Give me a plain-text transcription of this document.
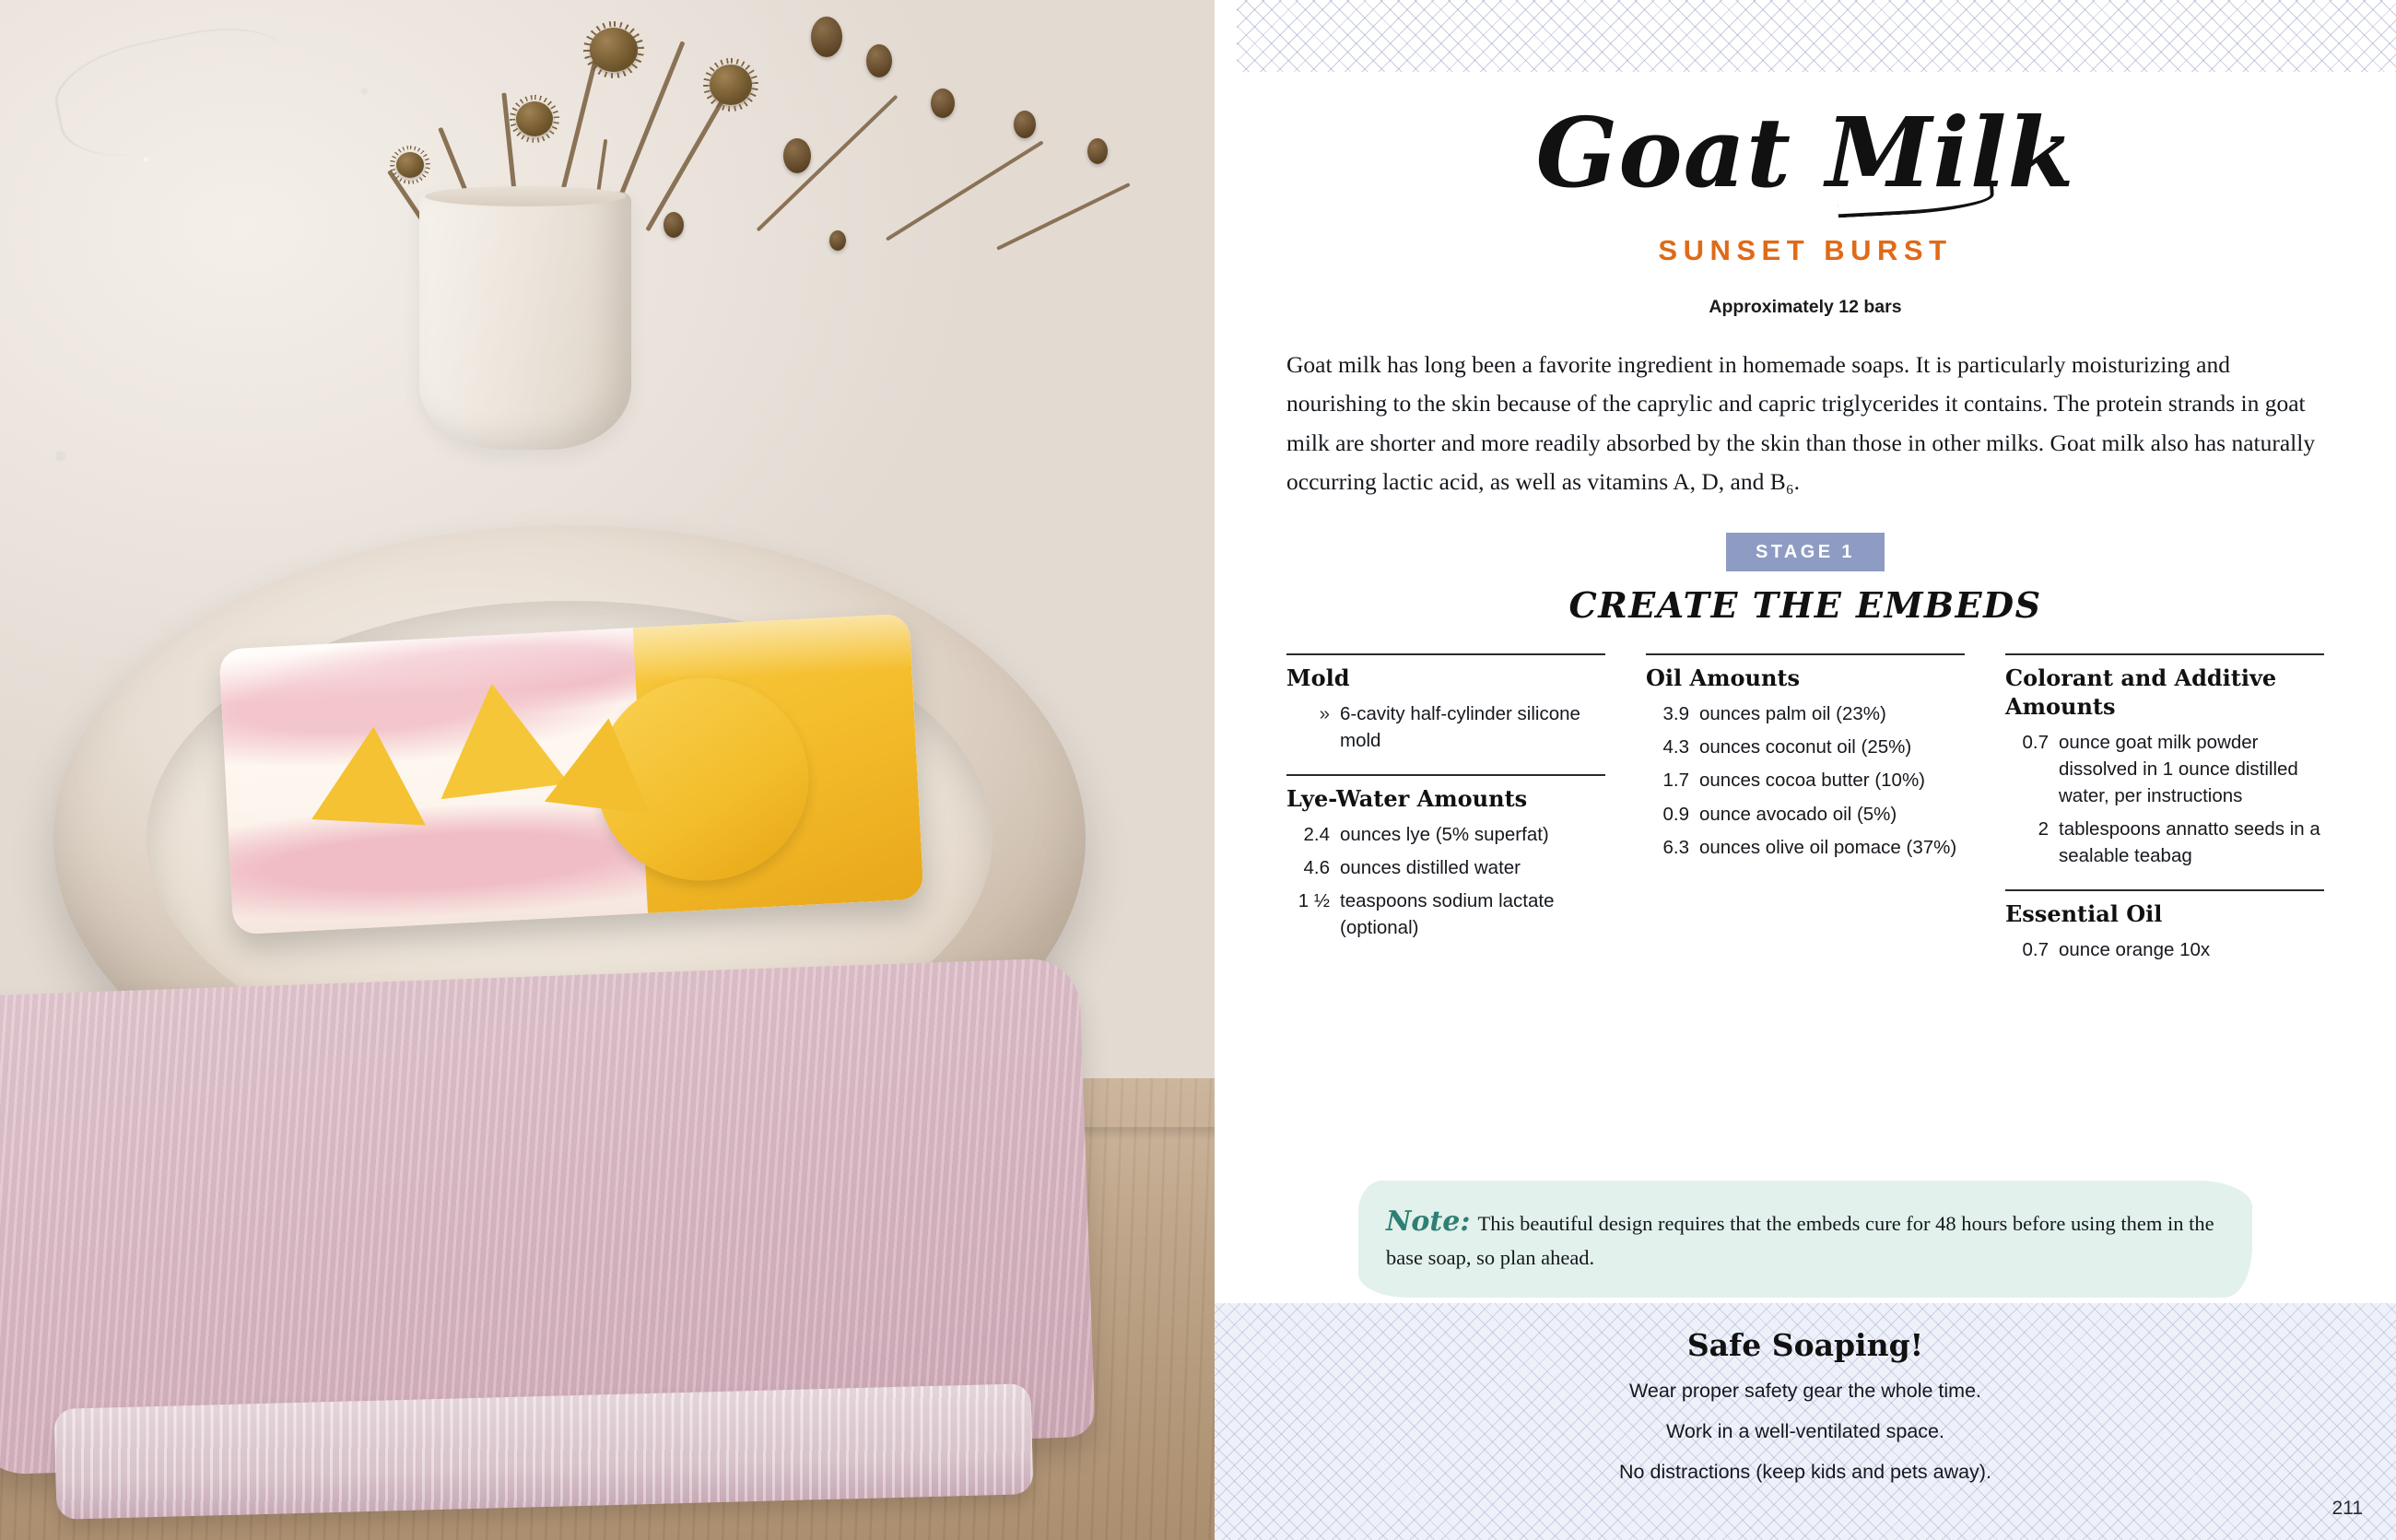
Goat Milk
SUNSET BURST
Approximately 12 bars
Goat milk has long been a favorite ingredient in homemade soaps. It is particularly moisturizing and nourishing to the skin because of the caprylic and capric triglycerides it contains. The protein strands in goat milk are shorter and more readily absorbed by the skin than those in other milks. Goat milk also has naturally occurring lactic acid, as well as vitamins A, D, and B₆.
STAGE 1
CREATE THE EMBEDS
Mold
» 6-cavity half-cylinder silicone mold
Lye-Water Amounts
2.4 ounces lye (5% superfat)
4.6 ounces distilled water
1 ½ teaspoons sodium lactate (optional)
Oil Amounts
3.9 ounces palm oil (23%)
4.3 ounces coconut oil (25%)
1.7 ounces cocoa butter (10%)
0.9 ounce avocado oil (5%)
6.3 ounces olive oil pomace (37%)
Colorant and Additive Amounts
0.7 ounce goat milk powder dissolved in 1 ounce distilled water, per instructions
2 tablespoons annatto seeds in a sealable teabag
Essential Oil
0.7 ounce orange 10x
Note: This beautiful design requires that the embeds cure for 48 hours before using them in the base soap, so plan ahead.
Safe Soaping!

Wear proper safety gear the whole time.

Work in a well-ventilated space.

No distractions (keep kids and pets away).

211
